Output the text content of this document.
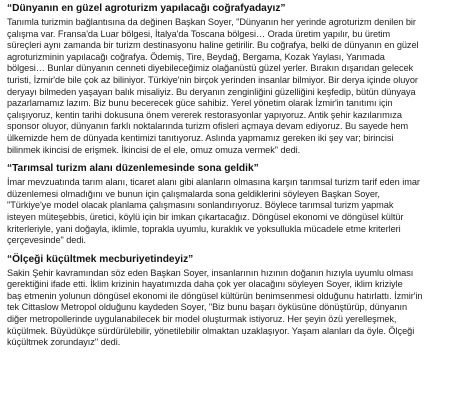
“Dünyanın en güzel agroturizm yapılacağı coğrafyadayız”

Tanımla turizmin bağlantısına da değinen Başkan Soyer, "Dünyanın her yerinde agroturizm denilen bir
çalışma var. Fransa'da Luar bölgesi, İtalya'da Toscana bölgesi… Orada üretim yapılır, bu üretim
süreçleri aynı zamanda bir turizm destinasyonu haline getirilir. Bu coğrafya, belki de dünyanın en güzel
agroturizminin yapılacağı coğrafya. Ödemiş, Tire, Beydağ, Bergama, Kozak Yaylası, Yarımada
bölgesi… Bunlar dünyanın cenneti diyebileceğimiz olağanüstü güzel yerler. Bırakın dışarıdan gelecek
turisti, İzmir'de bile çok az biliniyor. Türkiye'nin birçok yerinden insanlar bilmiyor. Bir derya içinde oluyor
deryayı bilmeden yaşayan balık misaliyiz. Bu deryanın zenginliğini güzelliğini keşfedip, bütün dünyaya
pazarlamamız lazım. Biz bunu becerecek güce sahibiz. Yerel yönetim olarak İzmir'in tanıtımı için
çalışıyoruz, kentin tarihi dokusuna önem vererek restorasyonlar yapıyoruz. Antik şehir kazılarımıza
sponsor oluyor, dünyanın farklı noktalarında turizm ofisleri açmaya devam ediyoruz. Bu sayede hem
ülkemizde hem de dünyada kentimizi tanıtıyoruz. Aslında yapmamız gereken iki şey var; birincisi
bilinmek ikincisi de erişmek. İkincisi de el ele, omuz omuza vermek" dedi.

“Tarımsal turizm alanı düzenlemesinde sona geldik”

İmar mevzuatında tarım alanı, ticaret alanı gibi alanların olmasına karşın tarımsal turizm tarif eden imar
düzenlemesi olmadığını ve bunun için çalışmalarda sona geldiklerini söyleyen Başkan Soyer,
"Türkiye'ye model olacak planlama çalışmasını sonlandırıyoruz. Böylece tarımsal turizm yapmak
isteyen müteşebbis, üretici, köylü için bir imkan çıkartacağız. Döngüsel ekonomi ve döngüsel kültür
kriterleriyle, yani doğayla, iklimle, toprakla uyumlu, kuraklık ve yoksullukla mücadele etme kriterleri
çerçevesinde" dedi.

“Ölçeği küçültmek mecburiyetindeyiz”

Sakin Şehir kavramından söz eden Başkan Soyer, insanlarının hızının doğanın hızıyla uyumlu olması
gerektiğini ifade etti. İklim krizinin hayatımızda daha çok yer olacağını söyleyen Soyer, iklim kriziyle
baş etmenin yolunun döngüsel ekonomi ile döngüsel kültürün benimsenmesi olduğunu hatırlattı. İzmir'in
tek Cittaslow Metropol olduğunu kaydeden Soyer, "Biz bunu başarı öyküsüne dönüştürüp, dünyanın
diğer metropollerinde uygulanabilecek bir model oluşturmak istiyoruz. Her şeyin özü yerelleşmek,
küçülmek. Büyüdükçe sürdürülebilir, yönetilebilir olmaktan uzaklaşıyor. Yaşam alanları da öyle. Ölçeği
küçültmek zorundayız" dedi.
